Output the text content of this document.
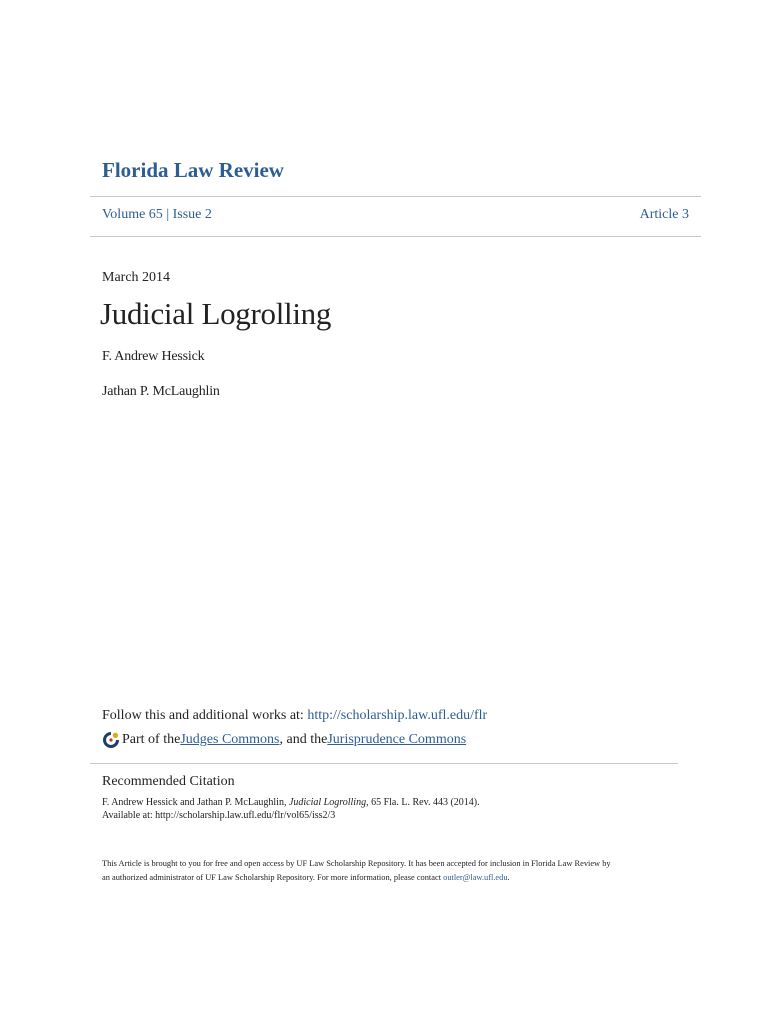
Florida Law Review
Volume 65 | Issue 2	Article 3
March 2014
Judicial Logrolling
F. Andrew Hessick
Jathan P. McLaughlin
Follow this and additional works at: http://scholarship.law.ufl.edu/flr
Part of the Judges Commons , and the Jurisprudence Commons
Recommended Citation
F. Andrew Hessick and Jathan P. McLaughlin, Judicial Logrolling, 65 Fla. L. Rev. 443 (2014).
Available at: http://scholarship.law.ufl.edu/flr/vol65/iss2/3
This Article is brought to you for free and open access by UF Law Scholarship Repository. It has been accepted for inclusion in Florida Law Review by
an authorized administrator of UF Law Scholarship Repository. For more information, please contact outler@law.ufl.edu.
